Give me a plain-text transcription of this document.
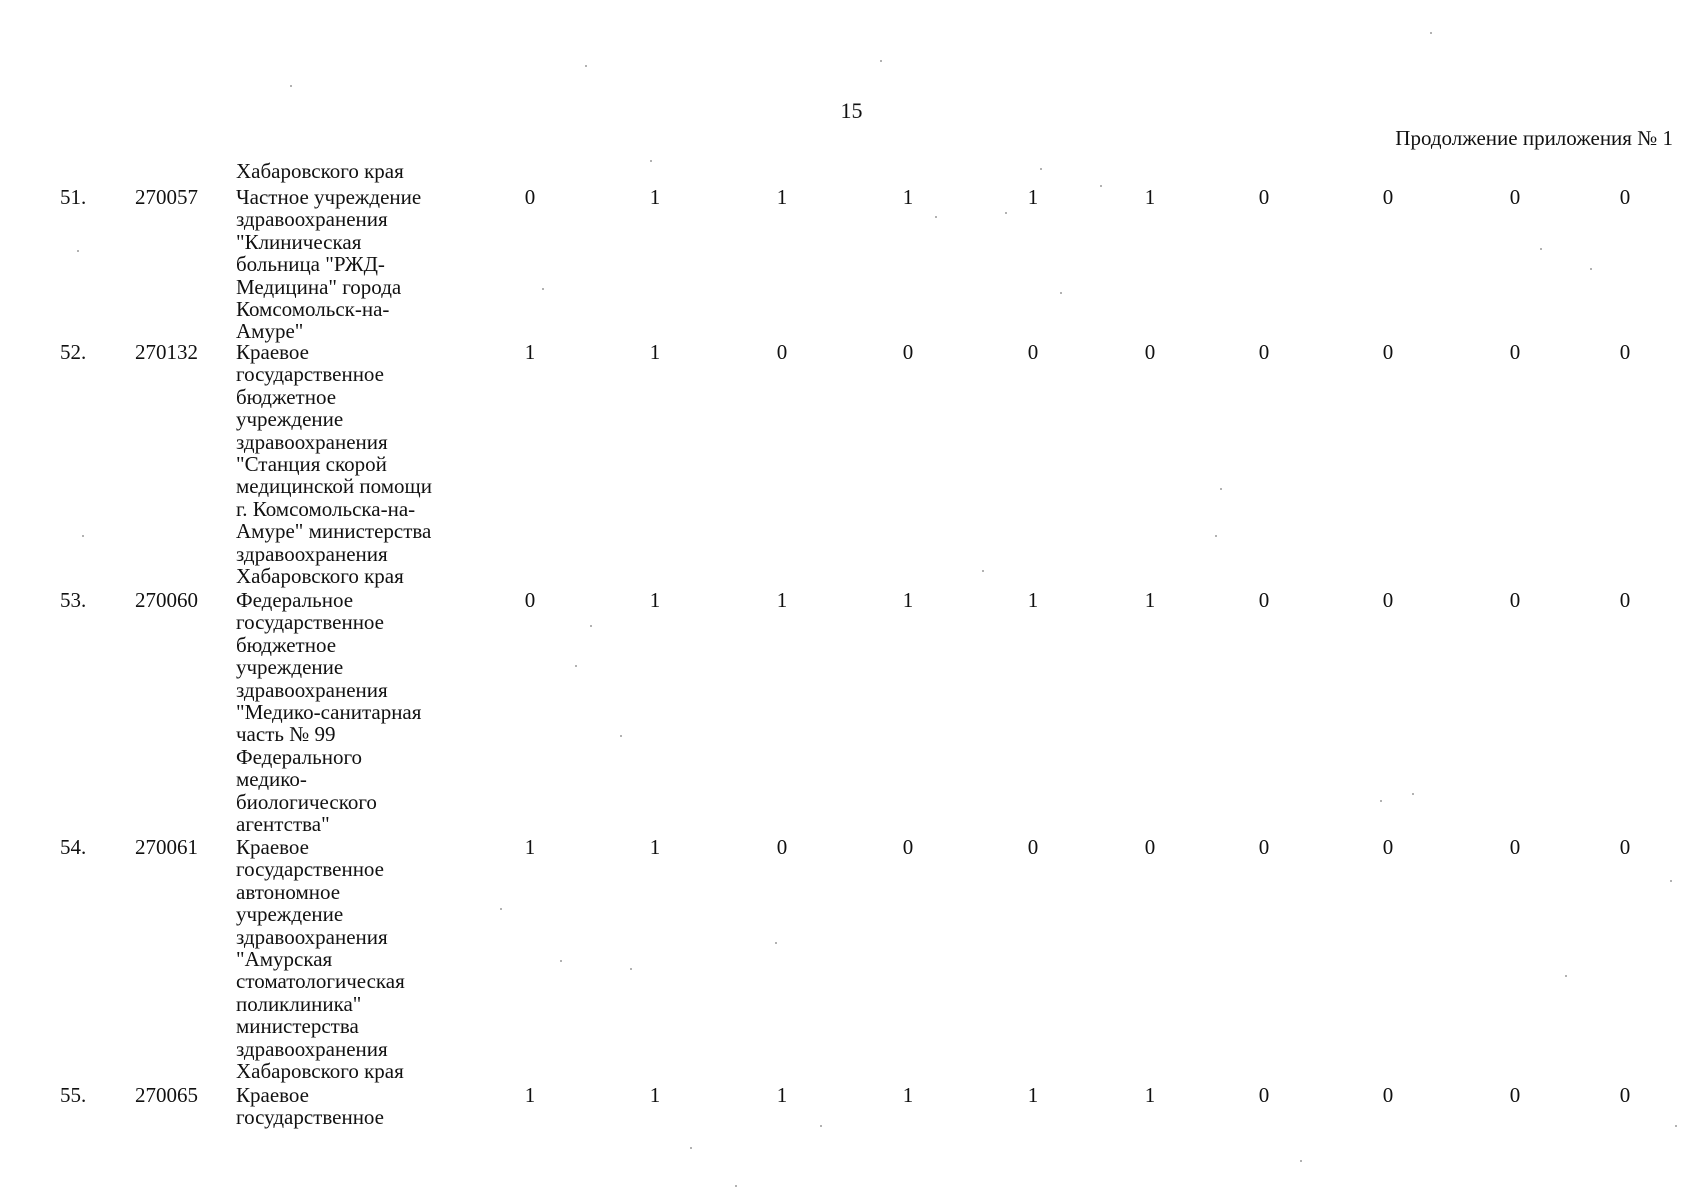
15
Продолжение приложения № 1
Хабаровского края
51. 270057 Частное учреждение
здравоохранения
"Клиническая
больница "РЖД-
Медицина" города
Комсомольск-на-
Амуре"
0	1	1	1	1	1	0	0	0	0
52. 270132 Краевое
государственное
бюджетное
учреждение
здравоохранения
"Станция скорой
медицинской помощи
г. Комсомольска-на-
Амуре" министерства
здравоохранения
Хабаровского края
1	1	0	0	0	0	0	0	0	0
53. 270060 Федеральное
государственное
бюджетное
учреждение
здравоохранения
"Медико-санитарная
часть № 99
Федерального
медико-
биологического
агентства"
0	1	1	1	1	1	0	0	0	0
54. 270061 Краевое
государственное
автономное
учреждение
здравоохранения
"Амурская
стоматологическая
поликлиника"
министерства
здравоохранения
Хабаровского края
1	1	0	0	0	0	0	0	0	0
55. 270065 Краевое
государственное
1	1	1	1	1	1	0	0	0	0
